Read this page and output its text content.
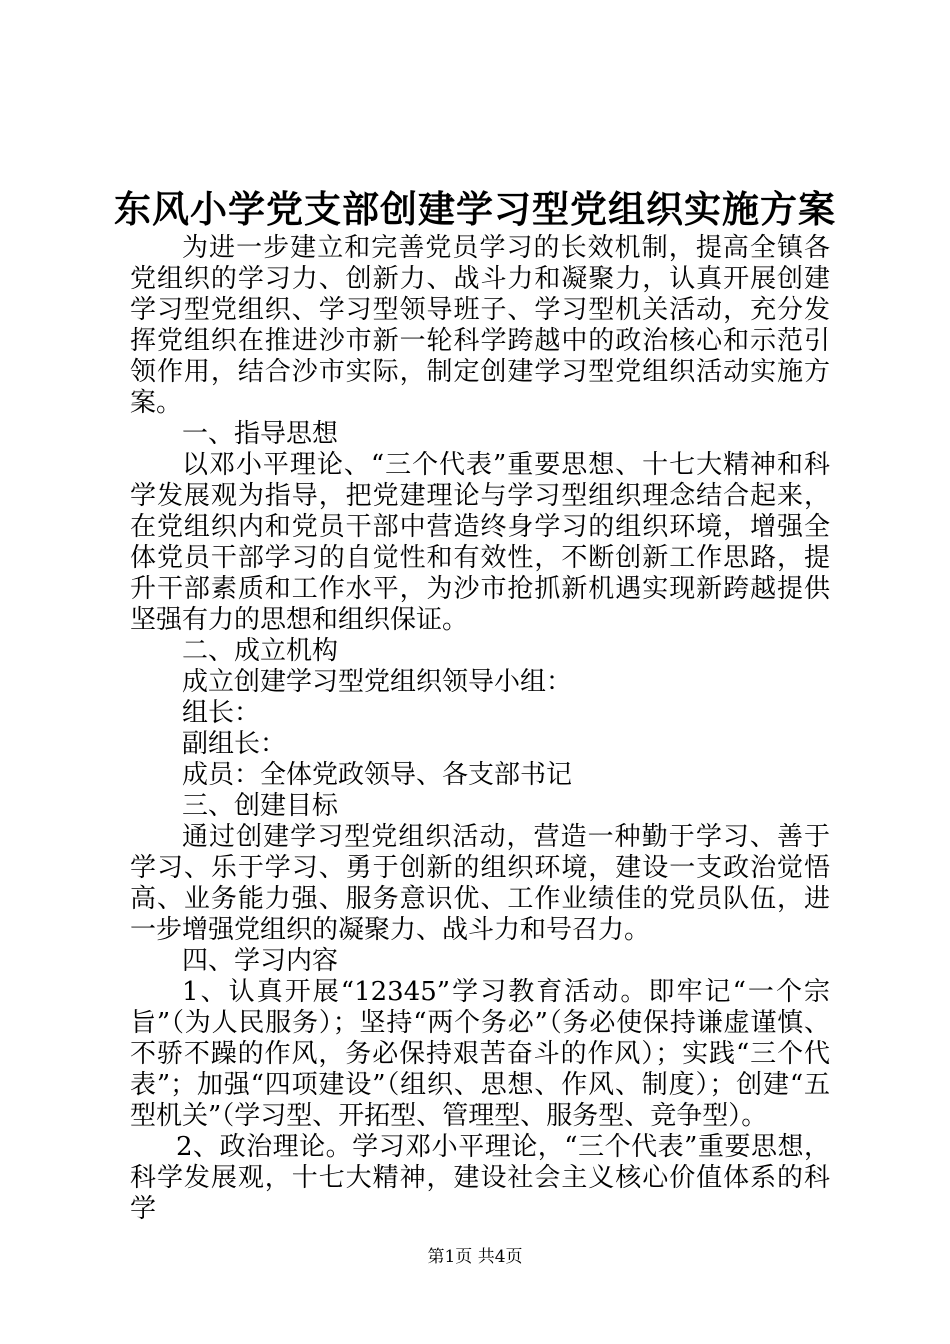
东风小学党支部创建学习型党组织实施方案

为进一步建立和完善党员学习的长效机制，提高全镇各党组织的学习力、创新力、战斗力和凝聚力，认真开展创建学习型党组织、学习型领导班子、学习型机关活动，充分发挥党组织在推进沙市新一轮科学跨越中的政治核心和示范引领作用，结合沙市实际，制定创建学习型党组织活动实施方案。

一、指导思想

以邓小平理论、“三个代表”重要思想、十七大精神和科学发展观为指导，把党建理论与学习型组织理念结合起来，在党组织内和党员干部中营造终身学习的组织环境，增强全体党员干部学习的自觉性和有效性，不断创新工作思路，提升干部素质和工作水平，为沙市抢抓新机遇实现新跨越提供坚强有力的思想和组织保证。

二、成立机构

成立创建学习型党组织领导小组：

组长：

副组长：

成员：全体党政领导、各支部书记

三、创建目标

通过创建学习型党组织活动，营造一种勤于学习、善于学习、乐于学习、勇于创新的组织环境，建设一支政治觉悟高、业务能力强、服务意识优、工作业绩佳的党员队伍，进一步增强党组织的凝聚力、战斗力和号召力。

四、学习内容

1、认真开展“12345”学习教育活动。即牢记“一个宗旨”（为人民服务）；坚持“两个务必”（务必使保持谦虚谨慎、不骄不躁的作风，务必保持艰苦奋斗的作风）；实践“三个代表”；加强“四项建设”（组织、思想、作风、制度）；创建“五型机关”（学习型、开拓型、管理型、服务型、竞争型）。

2、政治理论。学习邓小平理论，“三个代表”重要思想，科学发展观，十七大精神，建设社会主义核心价值体系的科学

第1页 共4页
